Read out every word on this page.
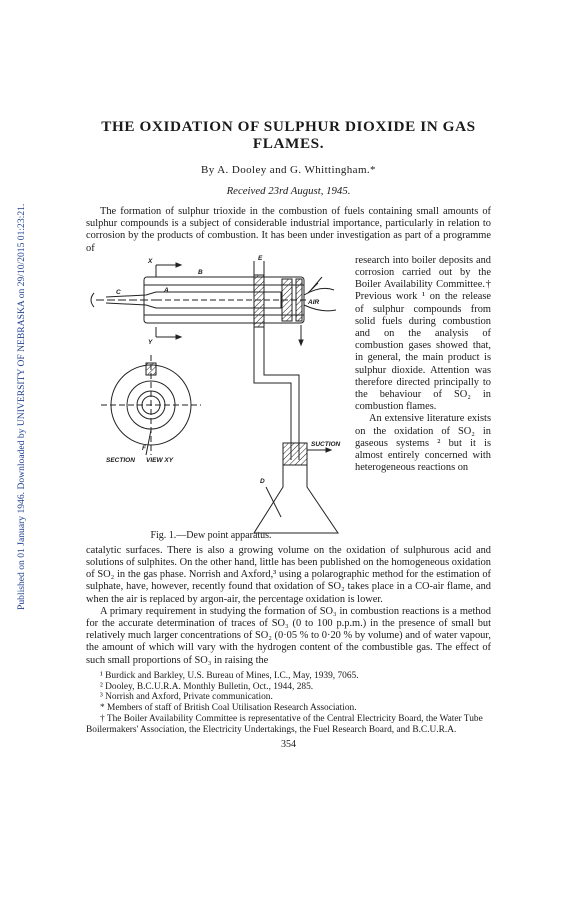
Published on 01 January 1946. Downloaded by UNIVERSITY OF NEBRASKA on 29/10/2015 01:23:21.
THE OXIDATION OF SULPHUR DIOXIDE IN GAS FLAMES.
By A. Dooley and G. Whittingham.*
Received 23rd August, 1945.

The formation of sulphur trioxide in the combustion of fuels containing small amounts of sulphur compounds is a subject of considerable industrial importance, particularly in relation to corrosion by the products of combustion. It has been under investigation as part of a programme of

X
B
A
C
E
AIR
Y
SUCTION
D
F
SECTION VIEW XY
Fig. 1.—Dew point apparatus.

research into boiler deposits and corrosion carried out by the Boiler Availability Committee.† Previous work ¹ on the release of sulphur compounds from solid fuels during combustion and on the analysis of combustion gases showed that, in general, the main product is sulphur dioxide. Attention was therefore directed principally to the behaviour of SO₂ in combustion flames.

An extensive literature exists on the oxidation of SO₂ in gaseous systems ² but it is almost entirely concerned with heterogeneous reactions on

catalytic surfaces. There is also a growing volume on the oxidation of sulphurous acid and solutions of sulphites. On the other hand, little has been published on the homogeneous oxidation of SO₂ in the gas phase. Norrish and Axford,³ using a polarographic method for the estimation of sulphate, have, however, recently found that oxidation of SO₂ takes place in a CO-air flame, and when the air is replaced by argon-air, the percentage oxidation is lower.

A primary requirement in studying the formation of SO₃ in combustion reactions is a method for the accurate determination of traces of SO₃ (0 to 100 p.p.m.) in the presence of small but relatively much larger concentrations of SO₂ (0·05 % to 0·20 % by volume) and of water vapour, the amount of which will vary with the hydrogen content of the combustible gas. The effect of such small proportions of SO₃ in raising the

¹ Burdick and Barkley, U.S. Bureau of Mines, I.C., May, 1939, 7065.
² Dooley, B.C.U.R.A. Monthly Bulletin, Oct., 1944, 285.
³ Norrish and Axford, Private communication.
* Members of staff of British Coal Utilisation Research Association.
† The Boiler Availability Committee is representative of the Central Electricity Board, the Water Tube Boilermakers' Association, the Electricity Undertakings, the Fuel Research Board, and B.C.U.R.A.
354
